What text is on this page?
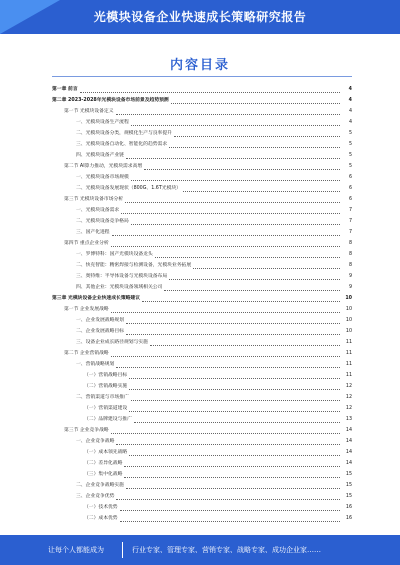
光模块设备企业快速成长策略研究报告
内容目录
第一章 前言	4
第二章 2023-2028年光模块设备市场前景及趋势预测	4
第一节 光模块设备定义	4
一、光模块设备生产流程	4
二、光模块设备分类，规模化生产与良率提升	5
三、光模块设备自动化、智能化的趋势需求	5
四、光模块设备产业链	5
第二节 AI算力推动，光模块需求高增	5
一、光模块设备市场规模	6
二、光模块设备发展现状（800G、1.6T光模块）	6
第三节 光模块设备市场分析	6
一、光模块设备需求	7
二、光模块设备竞争格局	7
三、国产化进程	7
第四节 重点企业分析	8
一、罗博特科：国产光模块设备龙头	8
二、快克智能：精密焊接与检测设备，光模块业务拓展	8
三、奥特维：半导体设备与光模块设备布局	9
四、其他企业：光模块设备领域相关公司	9
第三章 光模块设备企业快速成长策略建议	10
第一节 企业发展战略	10
一、企业发展战略规划	10
二、企业发展战略目标	10
三、设备企业成长路径规划与实施	11
第二节 企业营销战略	11
一、营销战略规划	11
（一）营销战略目标	11
（二）营销战略实施	12
二、营销渠道与市场推广	12
（一）营销渠道建设	12
（二）品牌建设与推广	13
第三节 企业竞争战略	14
一、企业竞争战略	14
（一）成本领先战略	14
（二）差异化战略	14
（三）集中化战略	15
二、企业竞争战略实施	15
三、企业竞争优势	15
（一）技术优势	16
（二）成本优势	16
让每个人都能成为	行业专家、管理专家、营销专家、战略专家、成功企业家……
